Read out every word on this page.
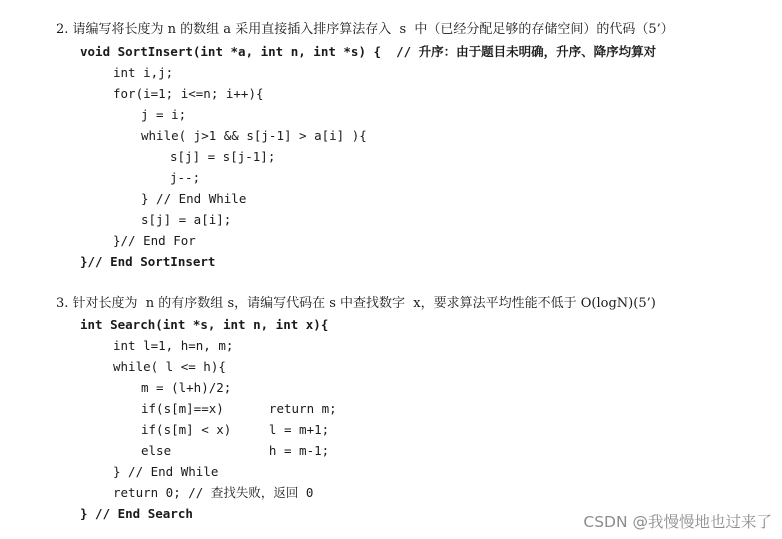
2. 请编写将长度为 n 的数组 a 采用直接插入排序算法存入  s  中（已经分配足够的存储空间）的代码（5’）
void SortInsert(int *a, int n, int *s) {  // 升序：由于题目未明确，升序、降序均算对
int i,j;
for(i=1; i<=n; i++){
j = i;
while( j>1 && s[j-1] > a[i] ){
s[j] = s[j-1];
j--;
} // End While
s[j] = a[i];
}// End For
}// End SortInsert
3. 针对长度为  n 的有序数组 s，请编写代码在 s 中查找数字  x，要求算法平均性能不低于 O(logN)(5’)
int Search(int *s, int n, int x){
int l=1, h=n, m;
while( l <= h){
m = (l+h)/2;
if(s[m]==x)      return m;
if(s[m] < x)     l = m+1;
else             h = m-1;
} // End While
return 0; // 查找失败，返回 0
} // End Search	CSDN @我慢慢地也过来了
